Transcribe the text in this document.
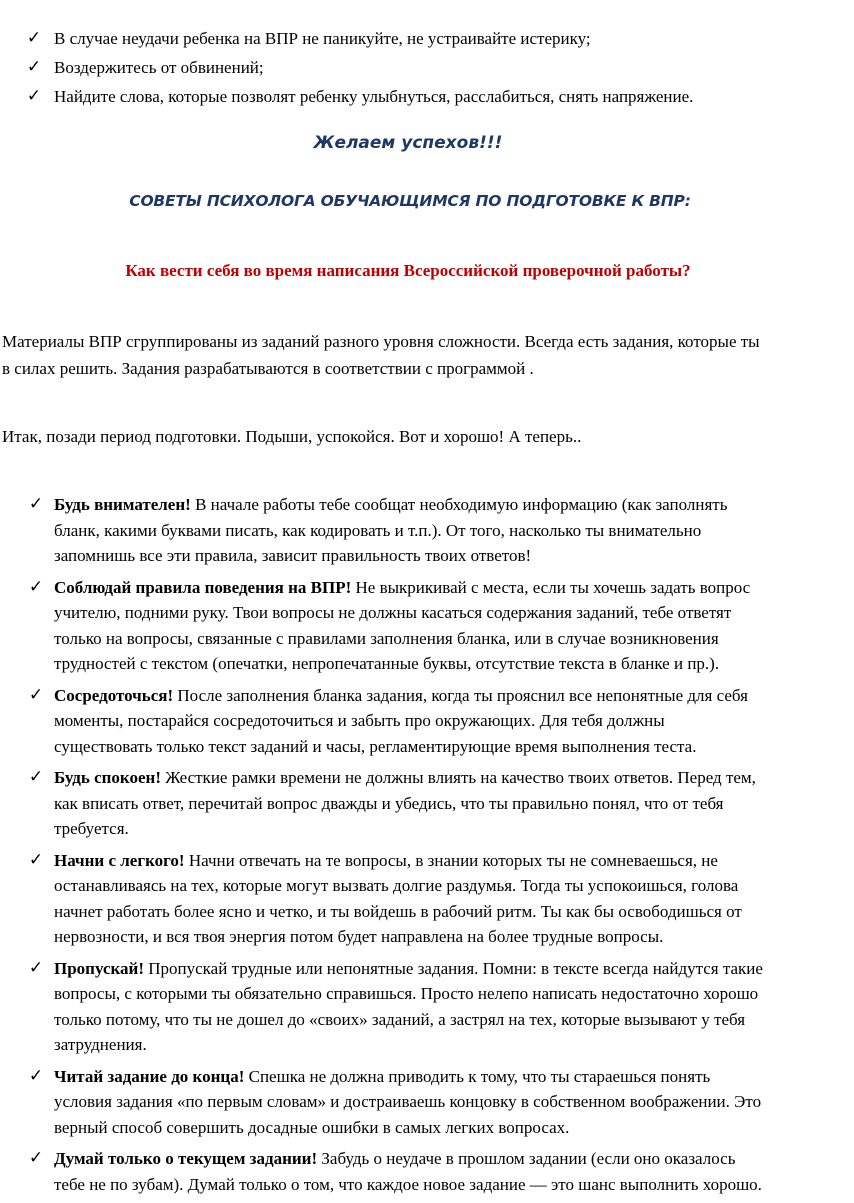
✓ В случае неудачи ребенка на ВПР не паникуйте, не устраивайте истерику;
✓ Воздержитесь от обвинений;
✓ Найдите слова, которые позволят ребенку улыбнуться, расслабиться, снять напряжение.
Желаем успехов!!!
СОВЕТЫ ПСИХОЛОГА ОБУЧАЮЩИМСЯ ПО ПОДГОТОВКЕ К ВПР:
Как вести себя во время написания Всероссийской проверочной работы?
Материалы ВПР сгруппированы из заданий разного уровня сложности. Всегда есть задания, которые ты
в силах решить. Задания разрабатываются в соответствии с программой .
Итак, позади период подготовки. Подыши, успокойся. Вот и хорошо! А теперь..
✓ Будь внимателен! В начале работы тебе сообщат необходимую информацию (как заполнять
бланк, какими буквами писать, как кодировать и т.п.). От того, насколько ты внимательно
запомнишь все эти правила, зависит правильность твоих ответов!
✓ Соблюдай правила поведения на ВПР! Не выкрикивай с места, если ты хочешь задать вопрос
учителю, подними руку. Твои вопросы не должны касаться содержания заданий, тебе ответят
только на вопросы, связанные с правилами заполнения бланка, или в случае возникновения
трудностей с текстом (опечатки, непропечатанные буквы, отсутствие текста в бланке и пр.).
✓ Сосредоточься! После заполнения бланка задания, когда ты прояснил все непонятные для себя
моменты, постарайся сосредоточиться и забыть про окружающих. Для тебя должны
существовать только текст заданий и часы, регламентирующие время выполнения теста.
✓ Будь спокоен! Жесткие рамки времени не должны влиять на качество твоих ответов. Перед тем,
как вписать ответ, перечитай вопрос дважды и убедись, что ты правильно понял, что от тебя
требуется.
✓ Начни с легкого! Начни отвечать на те вопросы, в знании которых ты не сомневаешься, не
останавливаясь на тех, которые могут вызвать долгие раздумья. Тогда ты успокоишься, голова
начнет работать более ясно и четко, и ты войдешь в рабочий ритм. Ты как бы освободишься от
нервозности, и вся твоя энергия потом будет направлена на более трудные вопросы.
✓ Пропускай! Пропускай трудные или непонятные задания. Помни: в тексте всегда найдутся такие
вопросы, с которыми ты обязательно справишься. Просто нелепо написать недостаточно хорошо
только потому, что ты не дошел до «своих» заданий, а застрял на тех, которые вызывают у тебя
затруднения.
✓ Читай задание до конца! Спешка не должна приводить к тому, что ты стараешься понять
условия задания «по первым словам» и достраиваешь концовку в собственном воображении. Это
верный способ совершить досадные ошибки в самых легких вопросах.
✓ Думай только о текущем задании! Забудь о неудаче в прошлом задании (если оно оказалось
тебе не по зубам). Думай только о том, что каждое новое задание — это шанс выполнить хорошо.
